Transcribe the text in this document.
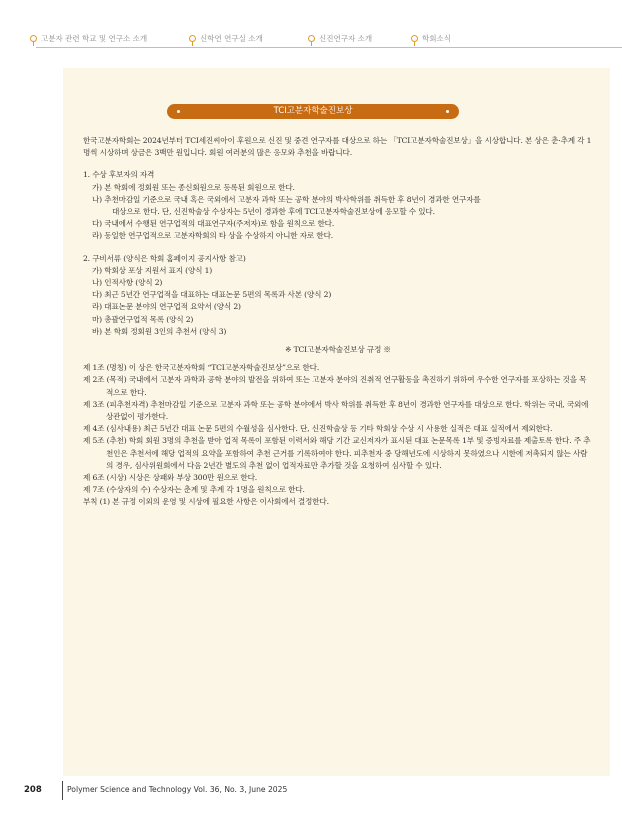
고분자 관련 학교 및 연구소 소개	신학연 연구실 소개	신진연구자 소개	학회소식
TCI고분자학술진보상

한국고분자학회는 2024년부터 TCI세진씨아이 후원으로 신진 및 중견 연구자를 대상으로 하는 「TCI고분자학술진보상」을 시상합니다. 본 상은 춘·추계 각 1명씩 시상하며 상금은 3백만 원입니다. 회원 여러분의 많은 응모와 추천을 바랍니다.

1. 수상 후보자의 자격

가) 본 학회에 정회원 또는 종신회원으로 등록된 회원으로 한다.

나) 추천마감일 기준으로 국내 혹은 국외에서 고분자 과학 또는 공학 분야의 박사학위를 취득한 후 8년이 경과한 연구자를

대상으로 한다. 단, 신진학술상 수상자는 5년이 경과한 후에 TCI고분자학술진보상에 응모할 수 있다.

다) 국내에서 수행된 연구업적의 대표연구자(주저자)로 함을 원칙으로 한다.

라) 동일한 연구업적으로 고분자학회의 타 상을 수상하지 아니한 자로 한다.

2. 구비서류 (양식은 학회 홈페이지 공지사항 참고)

가) 학회상 포상 지원서 표지 (양식 1)

나) 인적사항 (양식 2)

다) 최근 5년간 연구업적을 대표하는 대표논문 5편의 목록과 사본 (양식 2)

라) 대표논문 분야의 연구업적 요약서 (양식 2)

마) 총괄연구업적 목록 (양식 2)

바) 본 학회 정회원 3인의 추천서 (양식 3)

※ TCI고분자학술진보상 규정 ※

제 1조 (명칭) 이 상은 한국고분자학회 “TCI고분자학술진보상”으로 한다.

제 2조 (목적) 국내에서 고분자 과학과 공학 분야의 발전을 위하여 또는 고분자 분야의 진취적 연구활동을 촉진하기 위하여 우수한 연구자를 포상하는 것을 목적으로 한다.

제 3조 (피추천자격) 추천마감일 기준으로 고분자 과학 또는 공학 분야에서 박사 학위를 취득한 후 8년이 경과한 연구자를 대상으로 한다. 학위는 국내, 국외에 상관없이 평가한다.

제 4조 (심사내용) 최근 5년간 대표 논문 5편의 수월성을 심사한다. 단, 신진학술상 등 기타 학회상 수상 시 사용한 실적은 대표 실적에서 제외한다.

제 5조 (추천) 학회 회원 3명의 추천을 받아 업적 목록이 포함된 이력서와 해당 기간 교신저자가 표시된 대표 논문목록 1부 및 증빙자료를 제출토록 한다. 주 추천인은 추천서에 해당 업적의 요약을 포함하여 추천 근거를 기록하여야 한다. 피추천자 중 당해년도에 시상하지 못하였으나 시한에 저촉되지 않는 사람의 경우, 심사위원회에서 다음 2년간 별도의 추천 없이 업적자료만 추가할 것을 요청하여 심사할 수 있다.

제 6조 (시상) 시상은 상패와 부상 300만 원으로 한다.

제 7조 (수상자의 수) 수상자는 춘계 및 추계 각 1명을 원칙으로 한다.

부칙 (1) 본 규정 이외의 운영 및 시상에 필요한 사항은 이사회에서 결정한다.

208	Polymer Science and Technology Vol. 36, No. 3, June 2025
